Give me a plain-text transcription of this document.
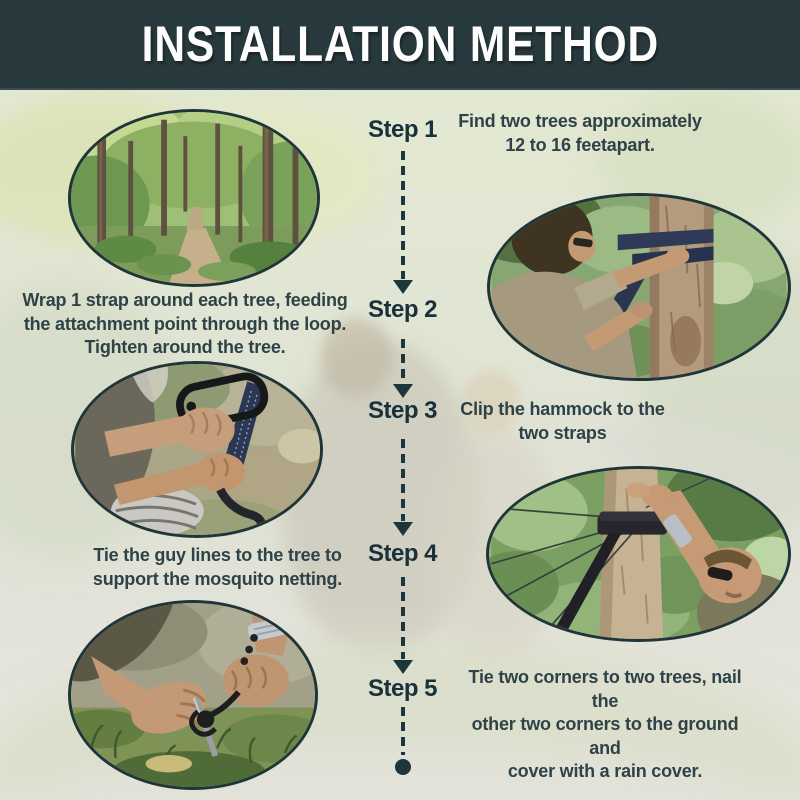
INSTALLATION METHOD
Step 1
Step 2
Step 3
Step 4
Step 5
Find two trees approximately
12 to 16 feetapart.
Wrap 1 strap around each tree, feeding
the attachment point through the loop.
Tighten around the tree.
Clip the hammock to the
two straps
Tie the guy lines to the tree to
support the mosquito netting.
Tie two corners to two trees, nail the
other two corners to the ground and
cover with a rain cover.
